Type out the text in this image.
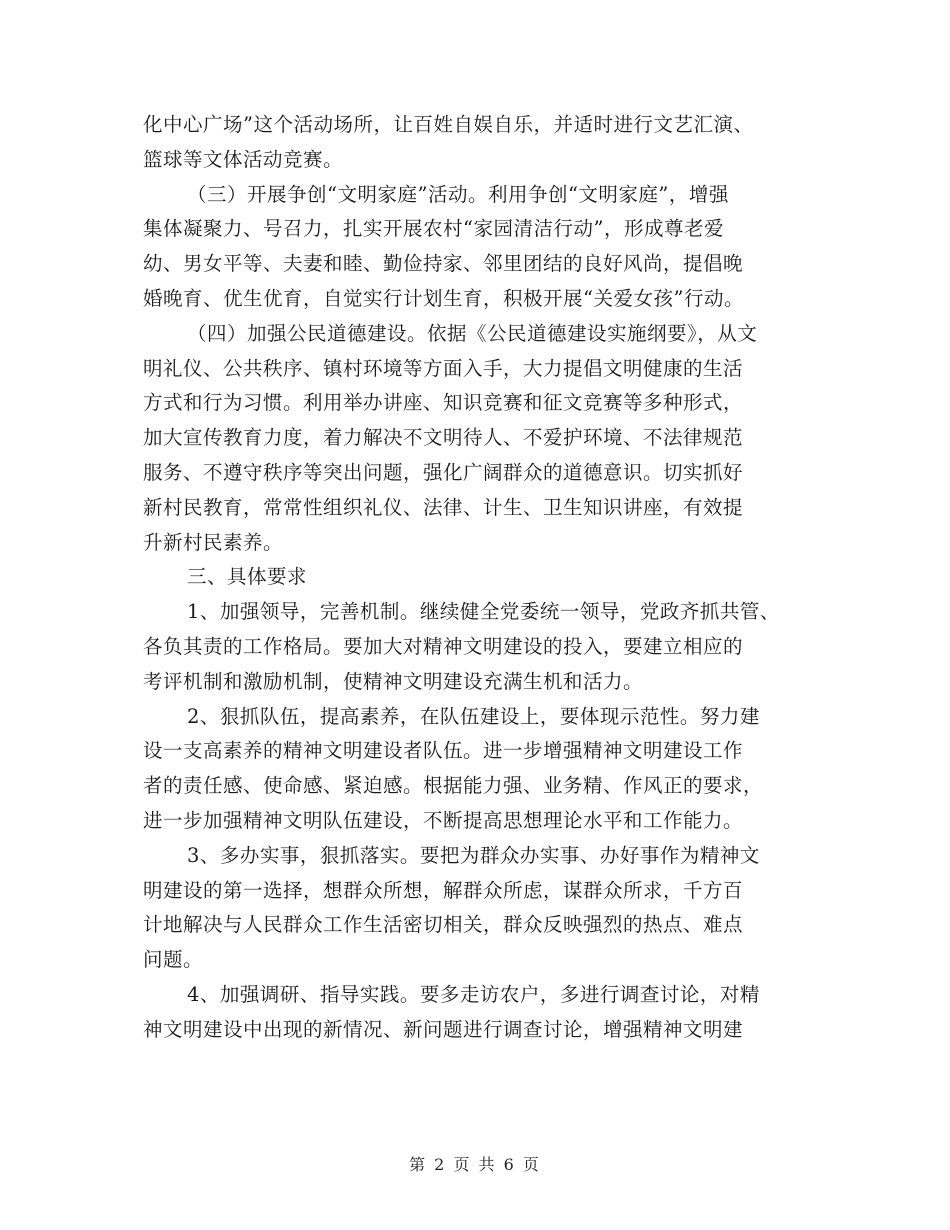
化中心广场”这个活动场所，让百姓自娱自乐，并适时进行文艺汇演、
篮球等文体活动竞赛。
（三）开展争创“文明家庭”活动。利用争创“文明家庭”，增强
集体凝聚力、号召力，扎实开展农村“家园清洁行动”，形成尊老爱
幼、男女平等、夫妻和睦、勤俭持家、邻里团结的良好风尚，提倡晚
婚晚育、优生优育，自觉实行计划生育，积极开展“关爱女孩”行动。
（四）加强公民道德建设。依据《公民道德建设实施纲要》，从文
明礼仪、公共秩序、镇村环境等方面入手，大力提倡文明健康的生活
方式和行为习惯。利用举办讲座、知识竞赛和征文竞赛等多种形式，
加大宣传教育力度，着力解决不文明待人、不爱护环境、不法律规范
服务、不遵守秩序等突出问题，强化广阔群众的道德意识。切实抓好
新村民教育，常常性组织礼仪、法律、计生、卫生知识讲座，有效提
升新村民素养。
三、具体要求
1、加强领导，完善机制。继续健全党委统一领导，党政齐抓共管、
各负其责的工作格局。要加大对精神文明建设的投入，要建立相应的
考评机制和激励机制，使精神文明建设充满生机和活力。
2、狠抓队伍，提高素养，在队伍建设上，要体现示范性。努力建
设一支高素养的精神文明建设者队伍。进一步增强精神文明建设工作
者的责任感、使命感、紧迫感。根据能力强、业务精、作风正的要求，
进一步加强精神文明队伍建设，不断提高思想理论水平和工作能力。
3、多办实事，狠抓落实。要把为群众办实事、办好事作为精神文
明建设的第一选择，想群众所想，解群众所虑，谋群众所求，千方百
计地解决与人民群众工作生活密切相关，群众反映强烈的热点、难点
问题。
4、加强调研、指导实践。要多走访农户，多进行调查讨论，对精
神文明建设中出现的新情况、新问题进行调查讨论，增强精神文明建
第 2 页 共 6 页
